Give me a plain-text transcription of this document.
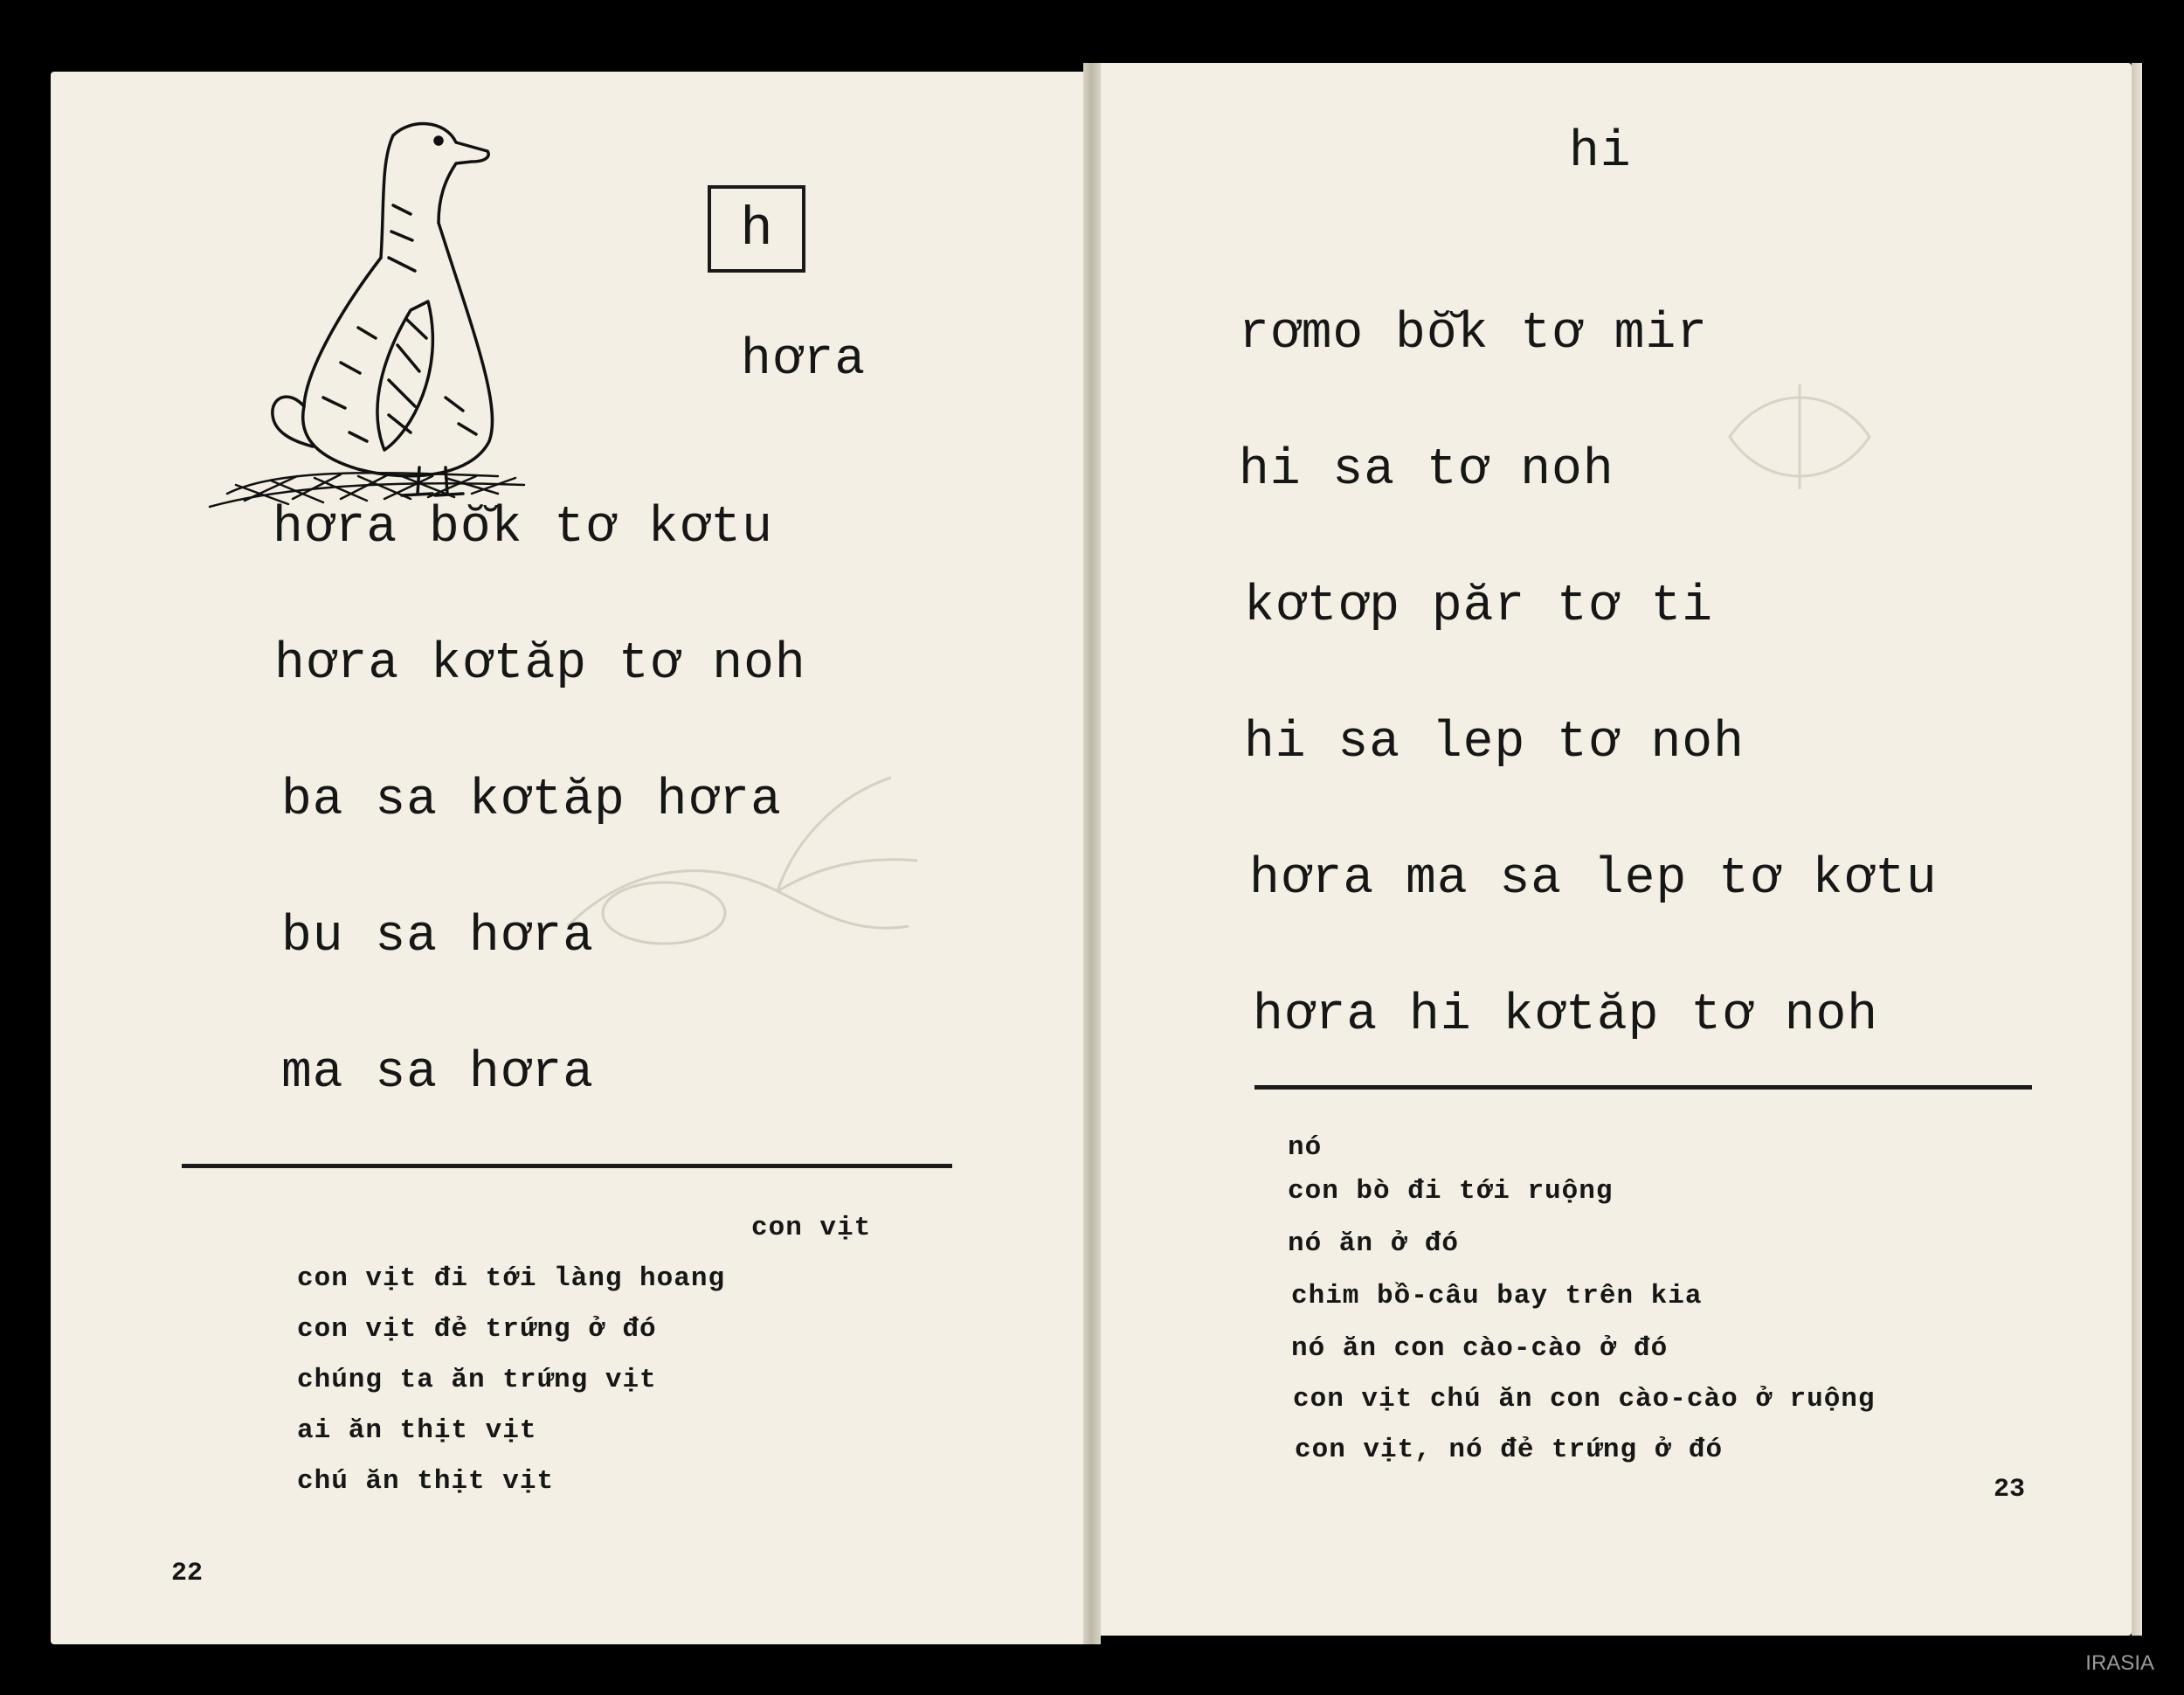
h
hơra
hơra bŏ̆k tơ kơtu
hơra kơtăp tơ noh
ba sa kơtăp hơra
bu sa hơra
ma sa hơra
con vịt
con vịt đi tới làng hoang
con vịt đẻ trứng ở đó
chúng ta ăn trứng vịt
ai ăn thịt vịt
chú ăn thịt vịt
22
hi
rơmo bŏ̆k tơ mir
hi sa tơ noh
kơtơp păr tơ ti
hi sa lep tơ noh
hơra ma sa lep tơ kơtu
hơra hi kơtăp tơ noh
nó
con bò đi tới ruộng
nó ăn ở đó
chim bồ-câu bay trên kia
nó ăn con cào-cào ở đó
con vịt chú ăn con cào-cào ở ruộng
con vịt, nó đẻ trứng ở đó
23
IRASIA
